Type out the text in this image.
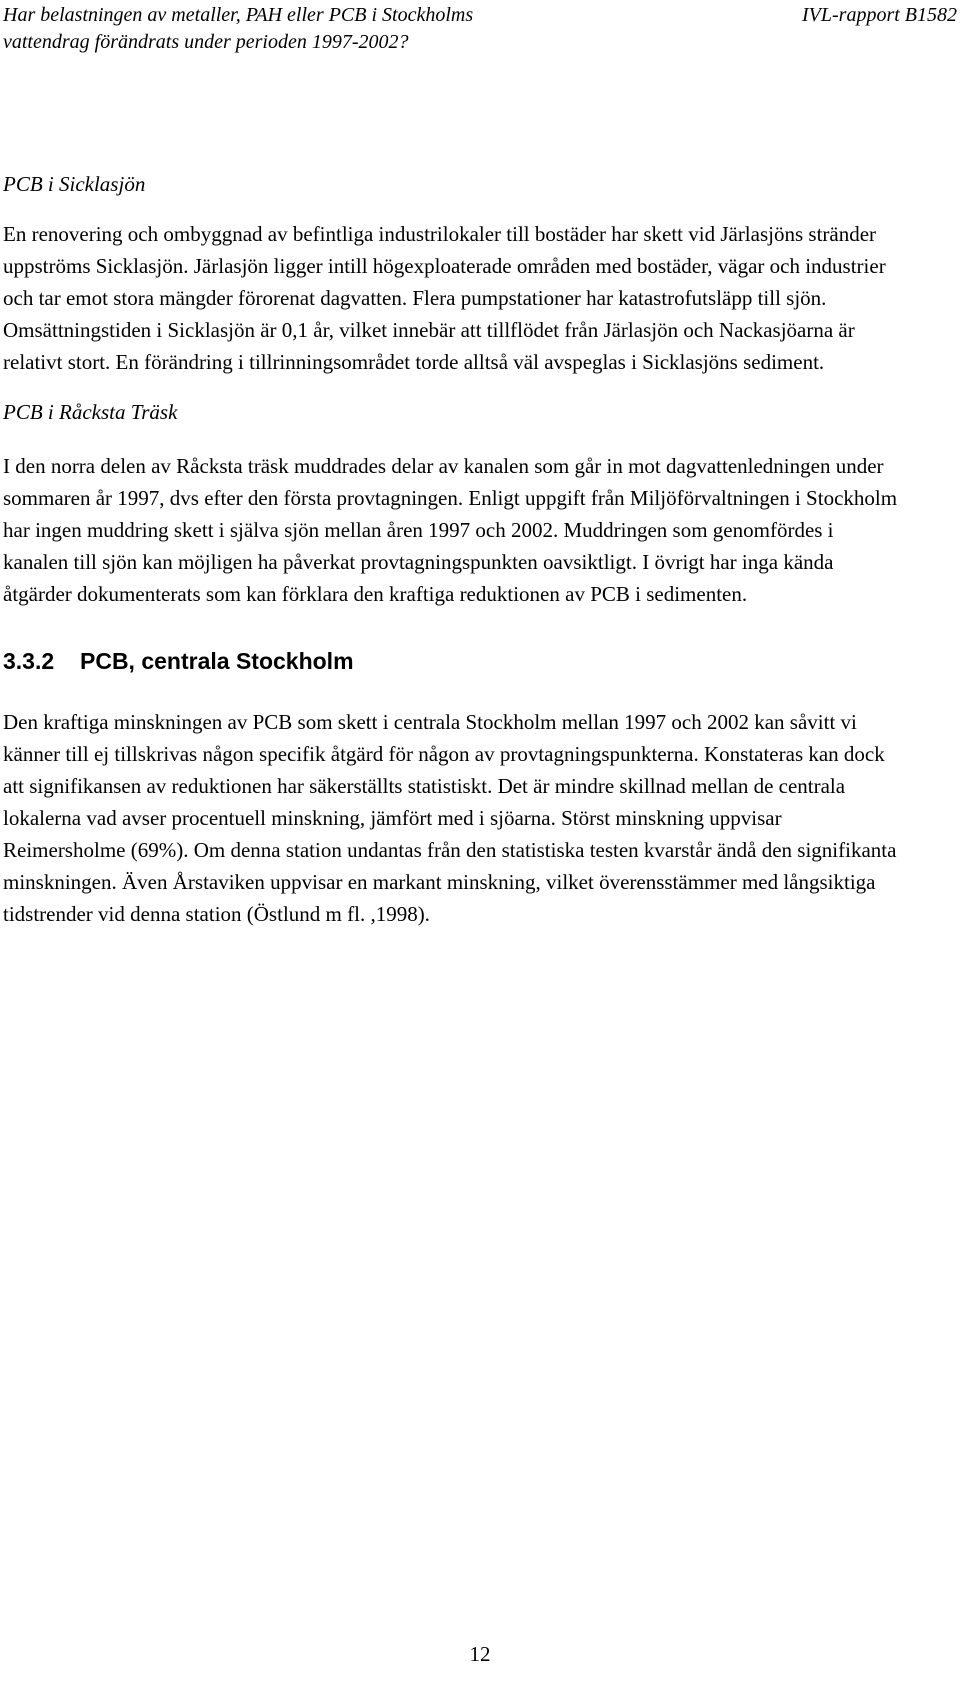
Har belastningen av metaller, PAH eller PCB i Stockholms	IVL-rapport B1582
vattendrag förändrats under perioden 1997-2002?
PCB i Sicklasjön

En renovering och ombyggnad av befintliga industrilokaler till bostäder har skett vid Järlasjöns stränder uppströms Sicklasjön. Järlasjön ligger intill högexploaterade områden med bostäder, vägar och industrier och tar emot stora mängder förorenat dagvatten. Flera pumpstationer har katastrofutsläpp till sjön. Omsättningstiden i Sicklasjön är 0,1 år, vilket innebär att tillflödet från Järlasjön och Nackasjöarna är relativt stort. En förändring i tillrinningsområdet torde alltså väl avspeglas i Sicklasjöns sediment.

PCB i Råcksta Träsk

I den norra delen av Råcksta träsk muddrades delar av kanalen som går in mot dagvattenledningen under sommaren år 1997, dvs efter den första provtagningen. Enligt uppgift från Miljöförvaltningen i Stockholm har ingen muddring skett i själva sjön mellan åren 1997 och 2002. Muddringen som genomfördes i kanalen till sjön kan möjligen ha påverkat provtagningspunkten oavsiktligt. I övrigt har inga kända åtgärder dokumenterats som kan förklara den kraftiga reduktionen av PCB i sedimenten.

3.3.2 PCB, centrala Stockholm

Den kraftiga minskningen av PCB som skett i centrala Stockholm mellan 1997 och 2002 kan såvitt vi känner till ej tillskrivas någon specifik åtgärd för någon av provtagningspunkterna. Konstateras kan dock att signifikansen av reduktionen har säkerställts statistiskt. Det är mindre skillnad mellan de centrala lokalerna vad avser procentuell minskning, jämfört med i sjöarna. Störst minskning uppvisar Reimersholme (69%). Om denna station undantas från den statistiska testen kvarstår ändå den signifikanta minskningen. Även Årstaviken uppvisar en markant minskning, vilket överensstämmer med långsiktiga tidstrender vid denna station (Östlund m fl. ,1998).

12
